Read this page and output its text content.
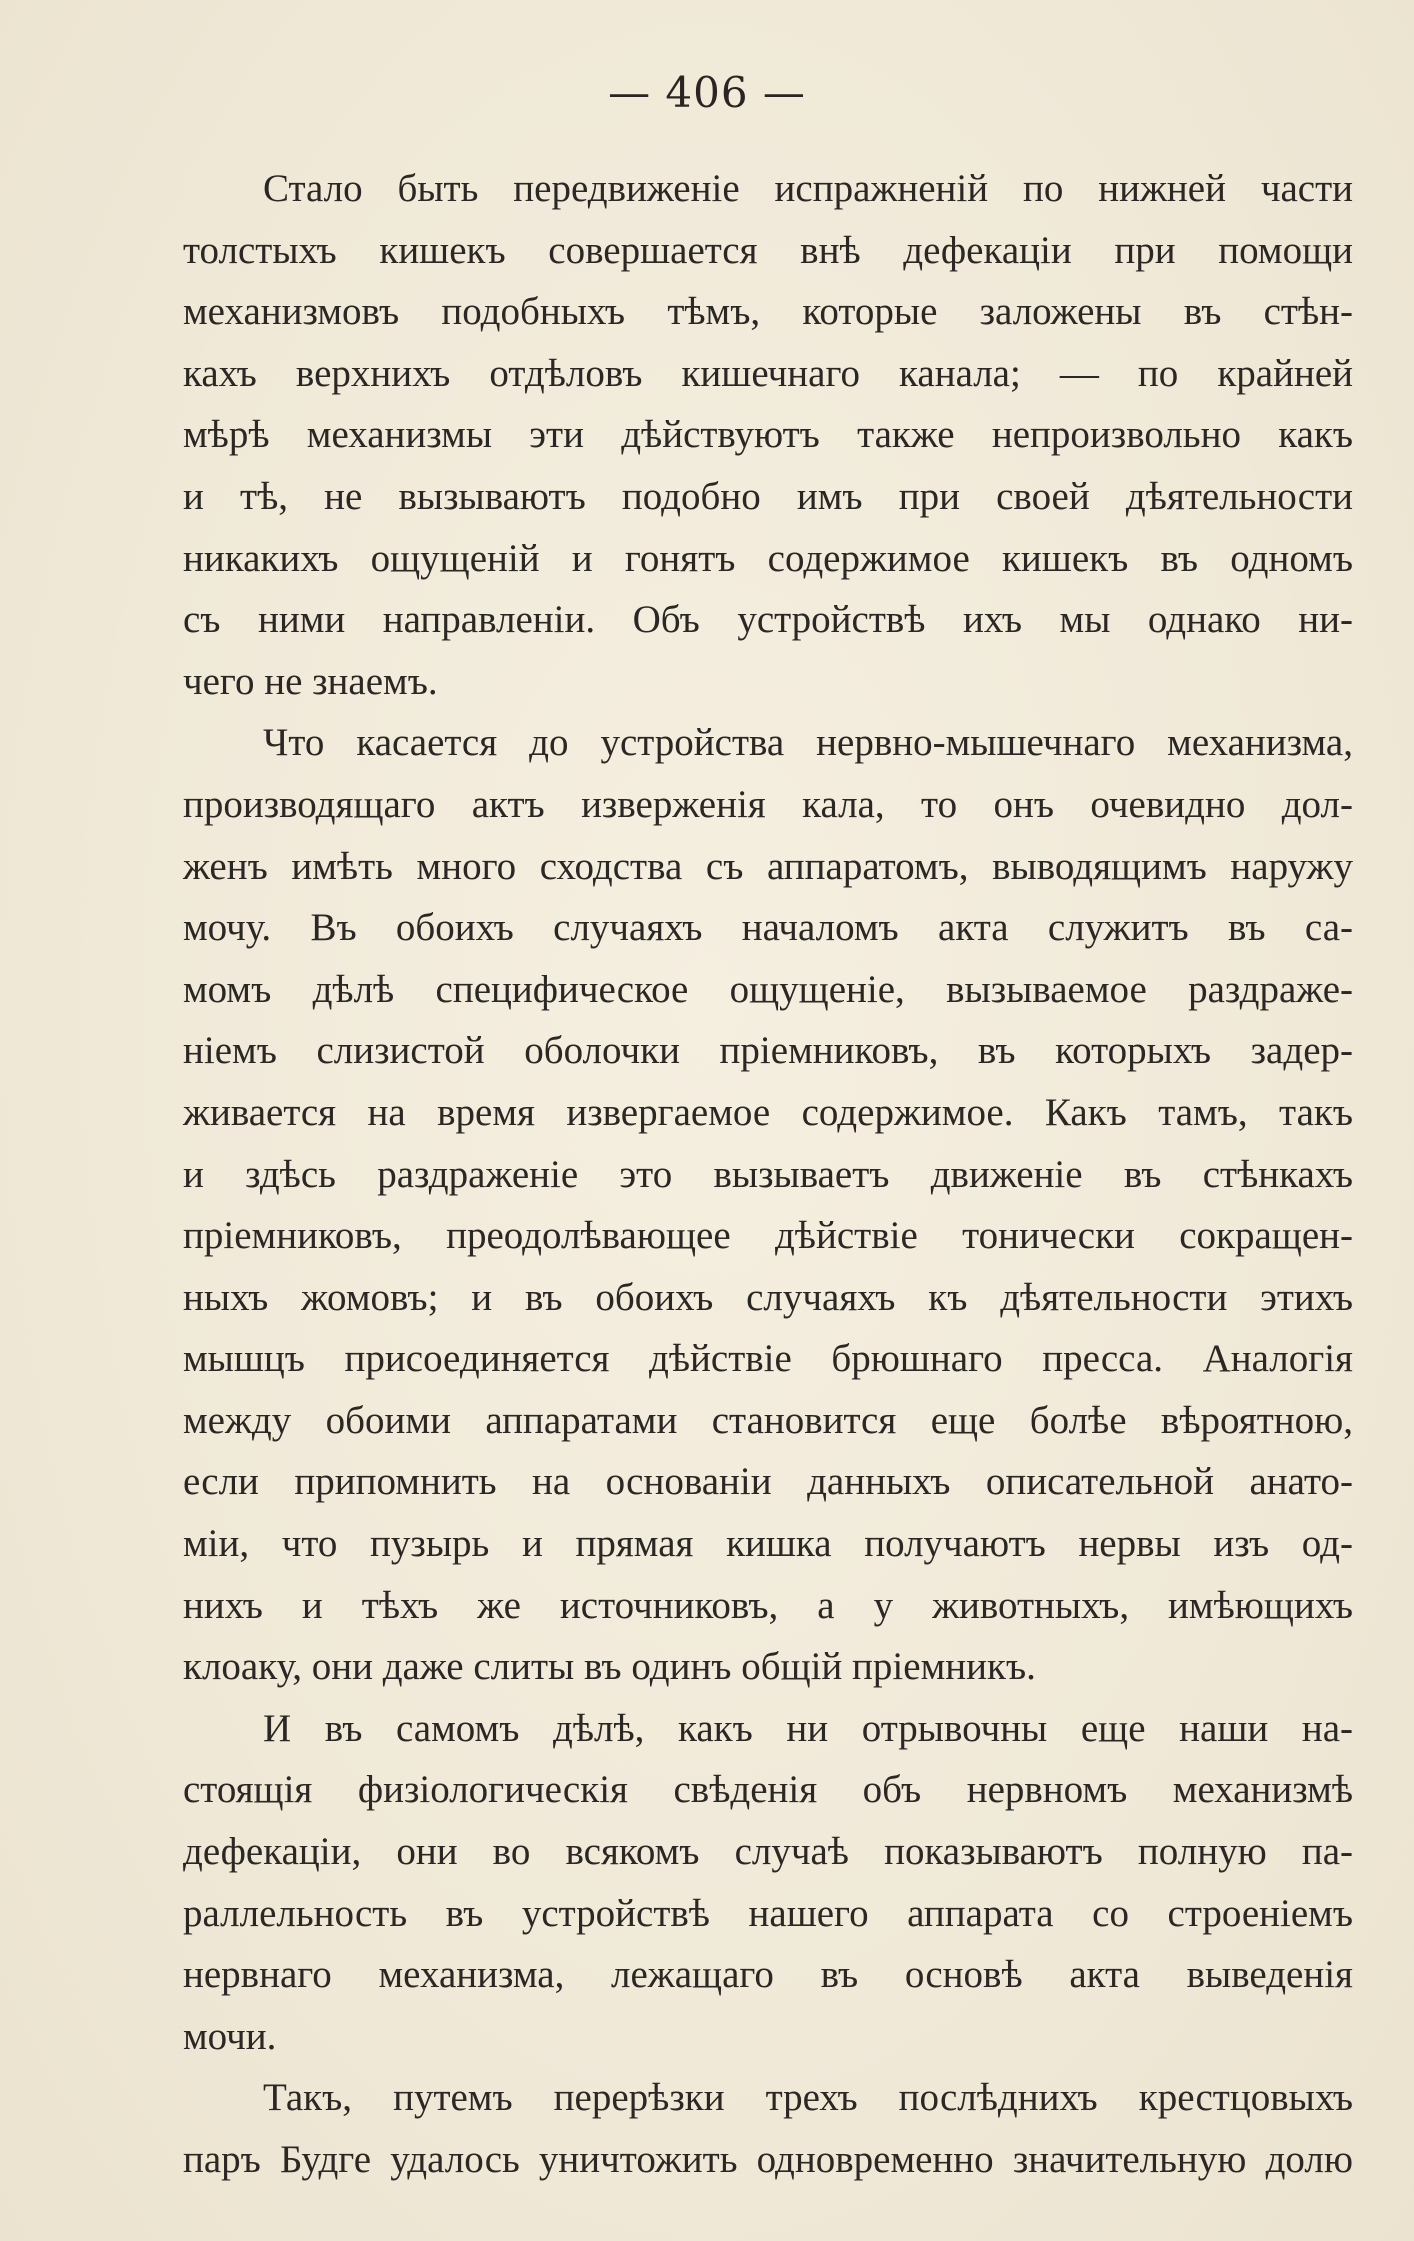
— 406 —
Стало быть передвиженіе испражненій по нижней части
толстыхъ кишекъ совершается внѣ дефекаціи при помощи
механизмовъ подобныхъ тѣмъ, которые заложены въ стѣн-
кахъ верхнихъ отдѣловъ кишечнаго канала; — по крайней
мѣрѣ механизмы эти дѣйствуютъ также непроизвольно какъ
и тѣ, не вызываютъ подобно имъ при своей дѣятельности
никакихъ ощущеній и гонятъ содержимое кишекъ въ одномъ
съ ними направленіи. Объ устройствѣ ихъ мы однако ни-
чего не знаемъ.
Что касается до устройства нервно-мышечнаго механизма,
производящаго актъ изверженія кала, то онъ очевидно дол-
женъ имѣть много сходства съ аппаратомъ, выводящимъ наружу
мочу. Въ обоихъ случаяхъ началомъ акта служитъ въ са-
момъ дѣлѣ специфическое ощущеніе, вызываемое раздраже-
ніемъ слизистой оболочки пріемниковъ, въ которыхъ задер-
живается на время извергаемое содержимое. Какъ тамъ, такъ
и здѣсь раздраженіе это вызываетъ движеніе въ стѣнкахъ
пріемниковъ, преодолѣвающее дѣйствіе тонически сокращен-
ныхъ жомовъ; и въ обоихъ случаяхъ къ дѣятельности этихъ
мышцъ присоединяется дѣйствіе брюшнаго пресса. Аналогія
между обоими аппаратами становится еще болѣе вѣроятною,
если припомнить на основаніи данныхъ описательной анато-
міи, что пузырь и прямая кишка получаютъ нервы изъ од-
нихъ и тѣхъ же источниковъ, а у животныхъ, имѣющихъ
клоаку, они даже слиты въ одинъ общій пріемникъ.
И въ самомъ дѣлѣ, какъ ни отрывочны еще наши на-
стоящія физіологическія свѣденія объ нервномъ механизмѣ
дефекаціи, они во всякомъ случаѣ показываютъ полную па-
раллельность въ устройствѣ нашего аппарата со строеніемъ
нервнаго механизма, лежащаго въ основѣ акта выведенія
мочи.
Такъ, путемъ перерѣзки трехъ послѣднихъ крестцовыхъ
паръ Будге удалось уничтожить одновременно значительную долю
